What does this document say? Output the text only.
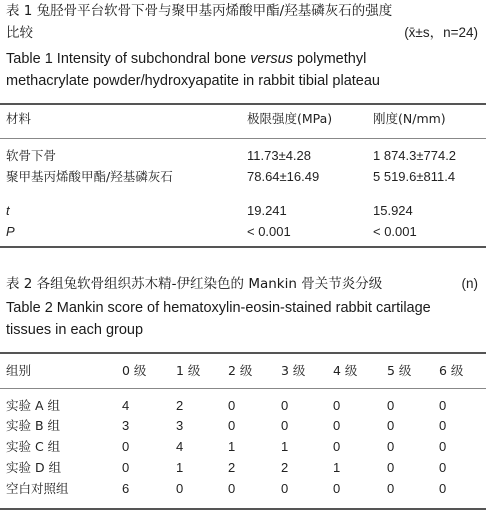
表 1 兔胫骨平台软骨下骨与聚甲基丙烯酸甲酯/羟基磷灰石的强度
比较	(x̄±s，n=24)
Table 1 Intensity of subchondral bone versus polymethyl
methacrylate powder/hydroxyapatite in rabbit tibial plateau
材料	极限强度(MPa)	刚度(N/mm)
软骨下骨	11.73±4.28	1 874.3±774.2
聚甲基丙烯酸甲酯/羟基磷灰石	78.64±16.49	5 519.6±811.4
t	19.241	15.924
P	< 0.001	< 0.001
表 2 各组兔软骨组织苏木精-伊红染色的 Mankin 骨关节炎分级	(n)
Table 2 Mankin score of hematoxylin-eosin-stained rabbit cartilage
tissues in each group
组别	0 级 1 级 2 级 3 级 4 级 5 级 6 级
实验 A 组	4	2	0	0	0	0	0
实验 B 组	3	3	0	0	0	0	0
实验 C 组	0	4	1	1	0	0	0
实验 D 组	0	1	2	2	1	0	0
空白对照组	6	0	0	0	0	0	0
